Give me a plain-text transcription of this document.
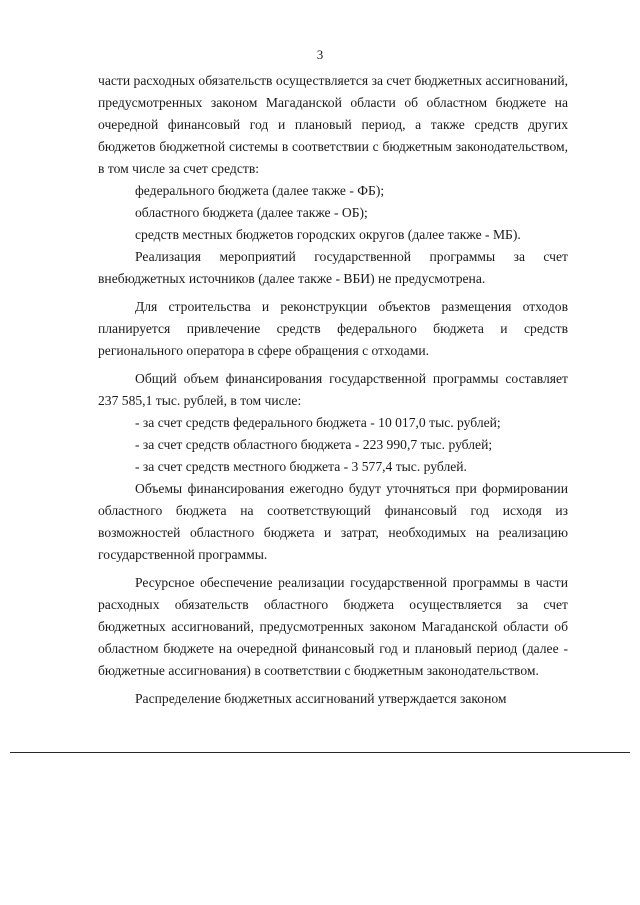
3

части расходных обязательств осуществляется за счет бюджетных ассигнований, предусмотренных законом Магаданской области об областном бюджете на очередной финансовый год и плановый период, а также средств других бюджетов бюджетной системы в соответствии с бюджетным законодательством, в том числе за счет средств:

федерального бюджета (далее также - ФБ);

областного бюджета (далее также - ОБ);

средств местных бюджетов городских округов (далее также - МБ).

Реализация мероприятий государственной программы за счет внебюджетных источников (далее также - ВБИ) не предусмотрена.

Для строительства и реконструкции объектов размещения отходов планируется привлечение средств федерального бюджета и средств регионального оператора в сфере обращения с отходами.

Общий объем финансирования государственной программы составляет 237 585,1 тыс. рублей, в том числе:

- за счет средств федерального бюджета - 10 017,0 тыс. рублей;

- за счет средств областного бюджета - 223 990,7 тыс. рублей;

- за счет средств местного бюджета - 3 577,4 тыс. рублей.

Объемы финансирования ежегодно будут уточняться при формировании областного бюджета на соответствующий финансовый год исходя из возможностей областного бюджета и затрат, необходимых на реализацию государственной программы.

Ресурсное обеспечение реализации государственной программы в части расходных обязательств областного бюджета осуществляется за счет бюджетных ассигнований, предусмотренных законом Магаданской области об областном бюджете на очередной финансовый год и плановый период (далее - бюджетные ассигнования) в соответствии с бюджетным законодательством.

Распределение бюджетных ассигнований утверждается законом
